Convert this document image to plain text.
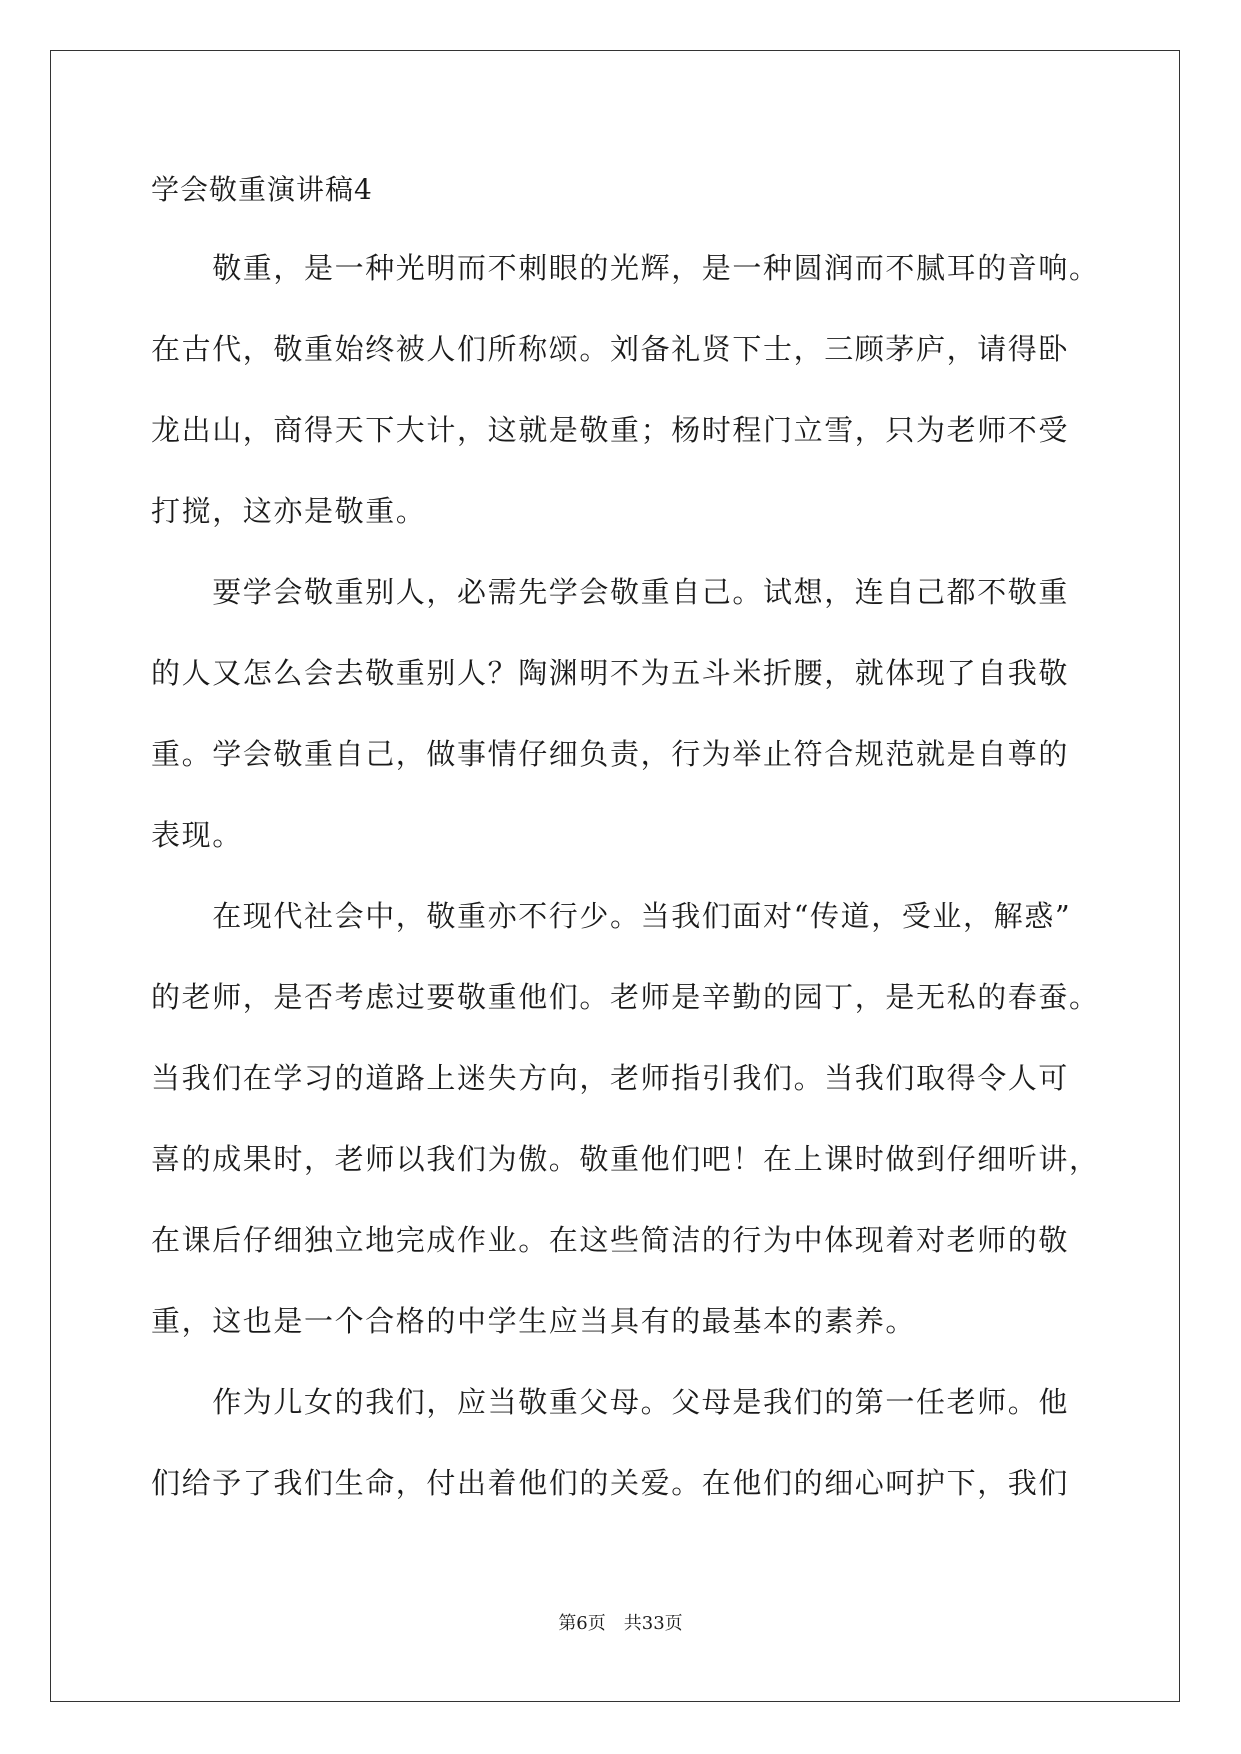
学会敬重演讲稿4
　　敬重，是一种光明而不刺眼的光辉，是一种圆润而不腻耳的音响。
在古代，敬重始终被人们所称颂。刘备礼贤下士，三顾茅庐，请得卧
龙出山，商得天下大计，这就是敬重；杨时程门立雪，只为老师不受
打搅，这亦是敬重。
　　要学会敬重别人，必需先学会敬重自己。试想，连自己都不敬重
的人又怎么会去敬重别人？陶渊明不为五斗米折腰，就体现了自我敬
重。学会敬重自己，做事情仔细负责，行为举止符合规范就是自尊的
表现。
　　在现代社会中，敬重亦不行少。当我们面对“传道，受业，解惑”
的老师，是否考虑过要敬重他们。老师是辛勤的园丁，是无私的春蚕。
当我们在学习的道路上迷失方向，老师指引我们。当我们取得令人可
喜的成果时，老师以我们为傲。敬重他们吧！在上课时做到仔细听讲，
在课后仔细独立地完成作业。在这些简洁的行为中体现着对老师的敬
重，这也是一个合格的中学生应当具有的最基本的素养。
　　作为儿女的我们，应当敬重父母。父母是我们的第一任老师。他
们给予了我们生命，付出着他们的关爱。在他们的细心呵护下，我们
第6页 共33页
